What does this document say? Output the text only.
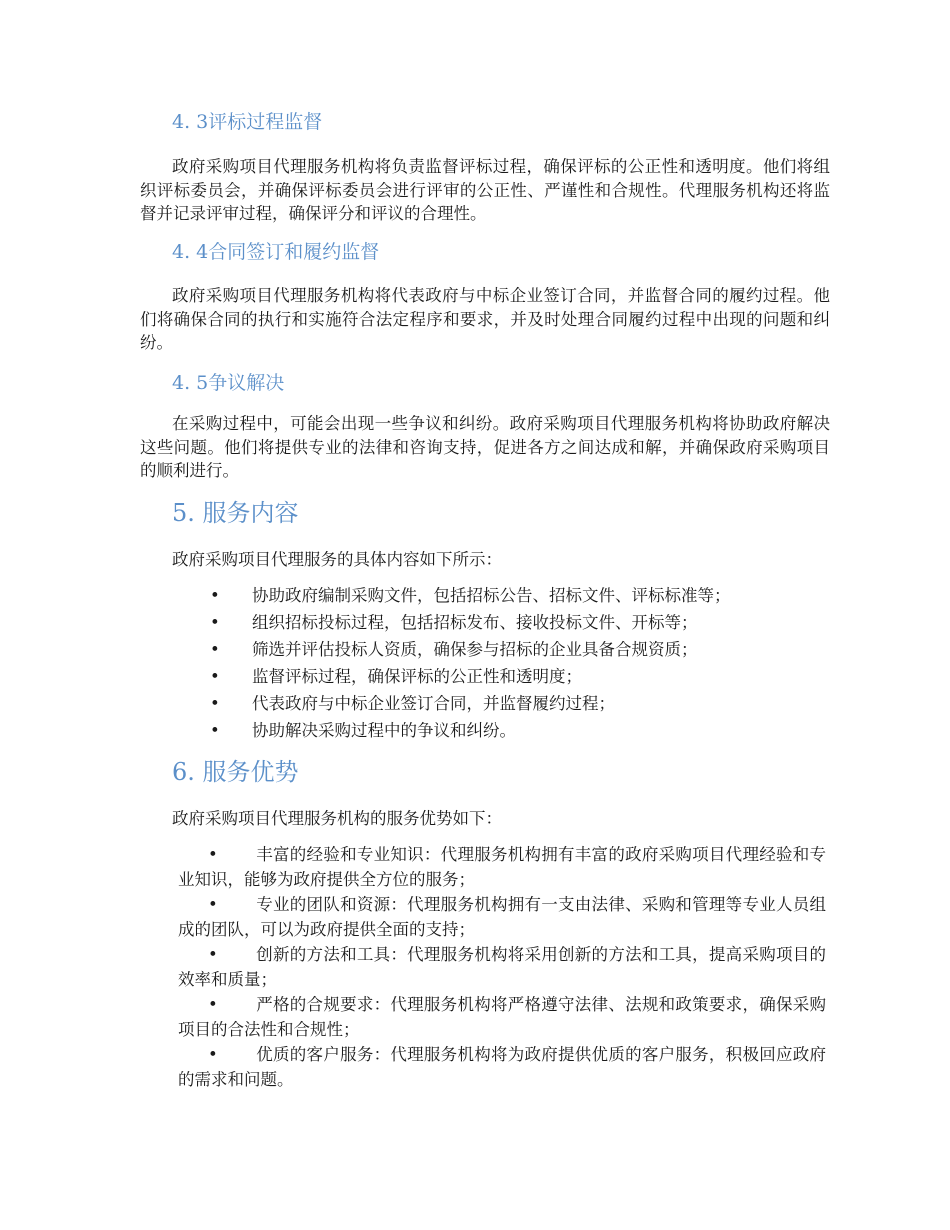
4. 3评标过程监督

政府采购项目代理服务机构将负责监督评标过程，确保评标的公正性和透明度。他们将组织评标委员会，并确保评标委员会进行评审的公正性、严谨性和合规性。代理服务机构还将监督并记录评审过程，确保评分和评议的合理性。

4. 4合同签订和履约监督

政府采购项目代理服务机构将代表政府与中标企业签订合同，并监督合同的履约过程。他们将确保合同的执行和实施符合法定程序和要求，并及时处理合同履约过程中出现的问题和纠纷。

4. 5争议解决

在采购过程中，可能会出现一些争议和纠纷。政府采购项目代理服务机构将协助政府解决这些问题。他们将提供专业的法律和咨询支持，促进各方之间达成和解，并确保政府采购项目的顺利进行。

5. 服务内容

政府采购项目代理服务的具体内容如下所示：

• 协助政府编制采购文件，包括招标公告、招标文件、评标标准等；
• 组织招标投标过程，包括招标发布、接收投标文件、开标等；
• 筛选并评估投标人资质，确保参与招标的企业具备合规资质；
• 监督评标过程，确保评标的公正性和透明度；
• 代表政府与中标企业签订合同，并监督履约过程；
• 协助解决采购过程中的争议和纠纷。
6. 服务优势

政府采购项目代理服务机构的服务优势如下：

• 丰富的经验和专业知识：代理服务机构拥有丰富的政府采购项目代理经验和专业知识，能够为政府提供全方位的服务；
• 专业的团队和资源：代理服务机构拥有一支由法律、采购和管理等专业人员组成的团队，可以为政府提供全面的支持；
• 创新的方法和工具：代理服务机构将采用创新的方法和工具，提高采购项目的效率和质量；
• 严格的合规要求：代理服务机构将严格遵守法律、法规和政策要求，确保采购项目的合法性和合规性；
• 优质的客户服务：代理服务机构将为政府提供优质的客户服务，积极回应政府的需求和问题。
